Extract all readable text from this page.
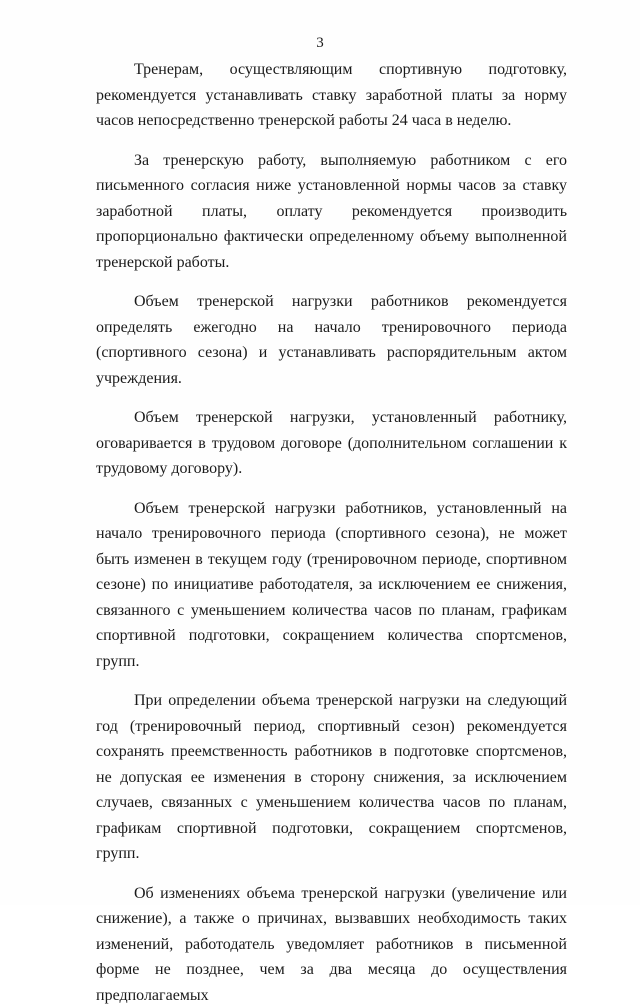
3

Тренерам, осуществляющим спортивную подготовку, рекомендуется устанавливать ставку заработной платы за норму часов непосредственно тренерской работы 24 часа в неделю.

За тренерскую работу, выполняемую работником с его письменного согласия ниже установленной нормы часов за ставку заработной платы, оплату рекомендуется производить пропорционально фактически определенному объему выполненной тренерской работы.

Объем тренерской нагрузки работников рекомендуется определять ежегодно на начало тренировочного периода (спортивного сезона) и устанавливать распорядительным актом учреждения.

Объем тренерской нагрузки, установленный работнику, оговаривается в трудовом договоре (дополнительном соглашении к трудовому договору).

Объем тренерской нагрузки работников, установленный на начало тренировочного периода (спортивного сезона), не может быть изменен в текущем году (тренировочном периоде, спортивном сезоне) по инициативе работодателя, за исключением ее снижения, связанного с уменьшением количества часов по планам, графикам спортивной подготовки, сокращением количества спортсменов, групп.

При определении объема тренерской нагрузки на следующий год (тренировочный период, спортивный сезон) рекомендуется сохранять преемственность работников в подготовке спортсменов, не допуская ее изменения в сторону снижения, за исключением случаев, связанных с уменьшением количества часов по планам, графикам спортивной подготовки, сокращением спортсменов, групп.

Об изменениях объема тренерской нагрузки (увеличение или снижение), а также о причинах, вызвавших необходимость таких изменений, работодатель уведомляет работников в письменной форме не позднее, чем за два месяца до осуществления предполагаемых
